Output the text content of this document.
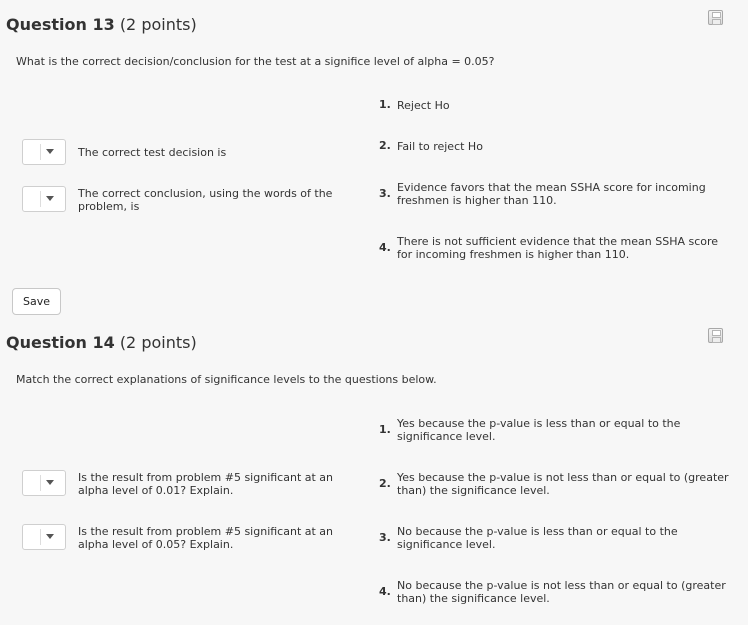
Question 13 (2 points)
What is the correct decision/conclusion for the test at a significe level of alpha = 0.05?
The correct test decision is
The correct conclusion, using the words of the problem, is
1. Reject Ho
2. Fail to reject Ho
3. Evidence favors that the mean SSHA score for incoming freshmen is higher than 110.
4. There is not sufficient evidence that the mean SSHA score for incoming freshmen is higher than 110.
Save
Question 14 (2 points)
Match the correct explanations of significance levels to the questions below.
Is the result from problem #5 significant at an alpha level of 0.01? Explain.
Is the result from problem #5 significant at an alpha level of 0.05? Explain.
1. Yes because the p-value is less than or equal to the significance level.
2. Yes because the p-value is not less than or equal to (greater than) the significance level.
3. No because the p-value is less than or equal to the significance level.
4. No because the p-value is not less than or equal to (greater than) the significance level.
